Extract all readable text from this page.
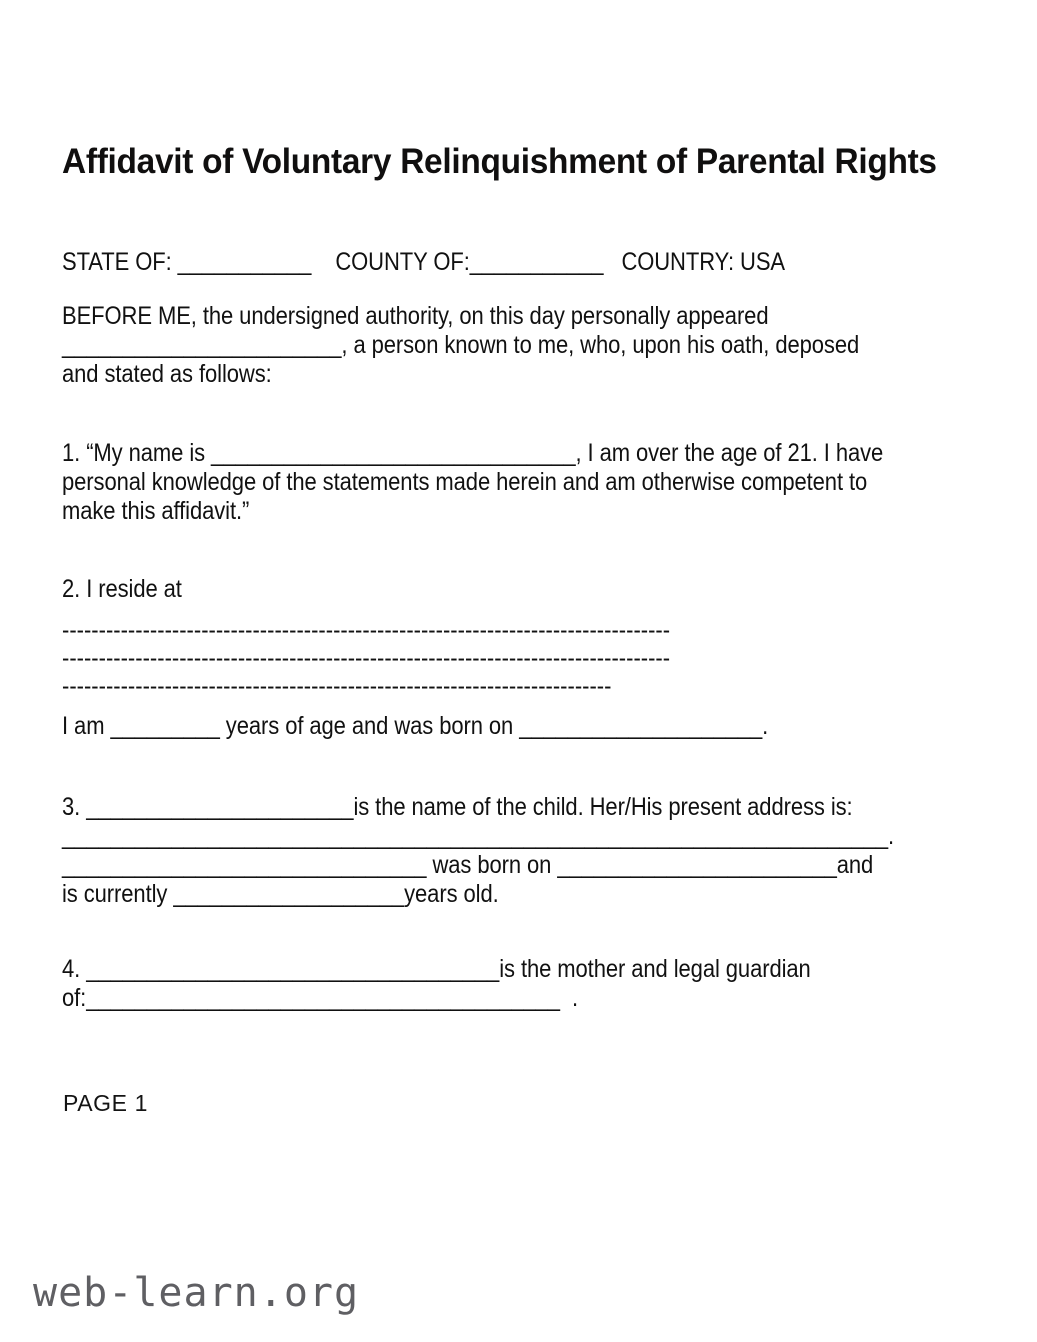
Affidavit of Voluntary Relinquishment of Parental Rights
STATE OF: ___________    COUNTY OF:___________   COUNTRY: USA
BEFORE ME, the undersigned authority, on this day personally appeared
_______________________, a person known to me, who, upon his oath, deposed
and stated as follows:
1. “My name is ______________________________, I am over the age of 21. I have
personal knowledge of the statements made herein and am otherwise competent to
make this affidavit.”
2. I reside at
-----------------------------------------------------------------------------------
-----------------------------------------------------------------------------------
---------------------------------------------------------------------------
I am _________ years of age and was born on ____________________.
3. ______________________is the name of the child. Her/His present address is:
____________________________________________________________________.
______________________________ was born on _______________________and
is currently ___________________years old.
4. __________________________________is the mother and legal guardian
of:_______________________________________  .
PAGE 1
web-learn.org
